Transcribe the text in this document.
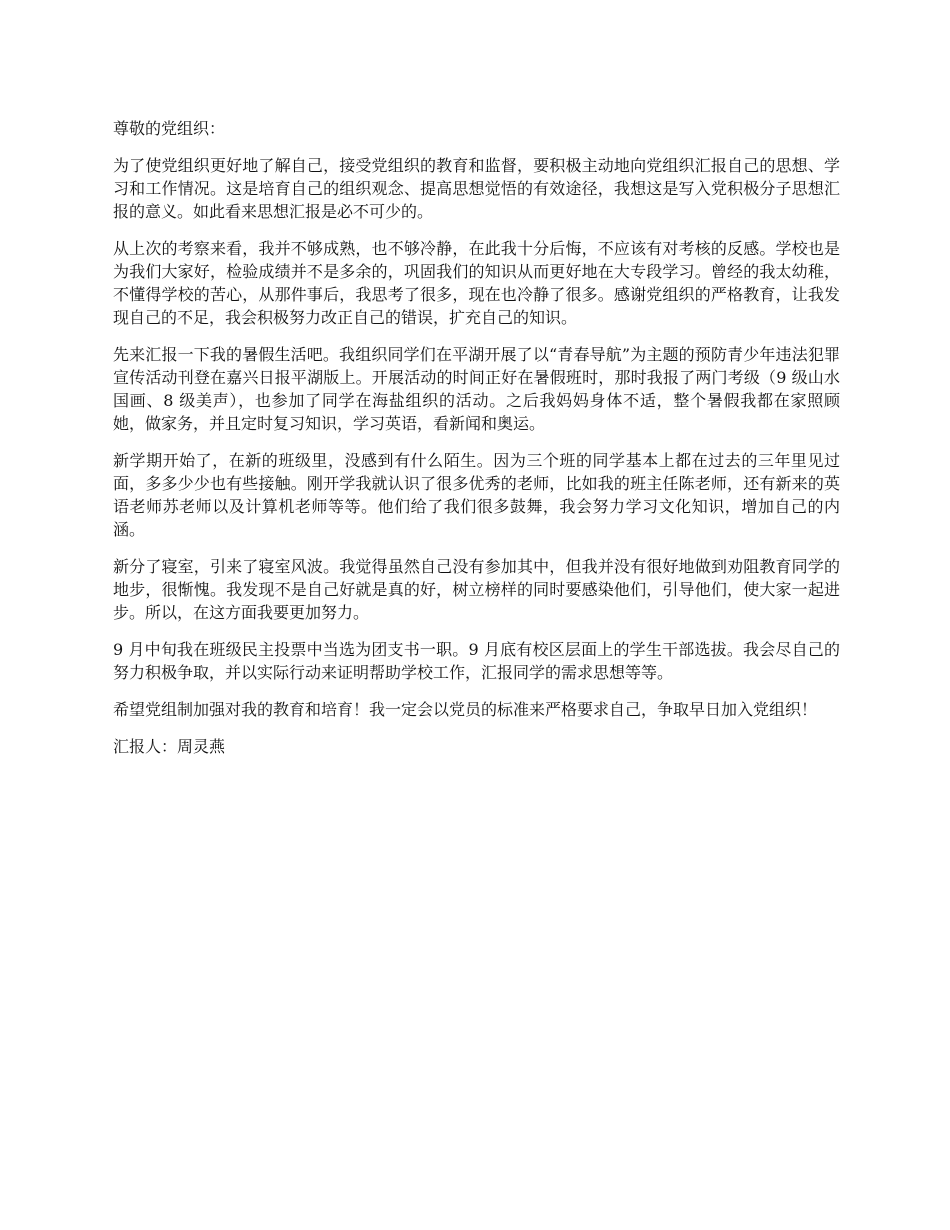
尊敬的党组织：

为了使党组织更好地了解自己，接受党组织的教育和监督，要积极主动地向党组织汇报自己的思想、学习和工作情况。这是培育自己的组织观念、提高思想觉悟的有效途径，我想这是写入党积极分子思想汇报的意义。如此看来思想汇报是必不可少的。

从上次的考察来看，我并不够成熟，也不够冷静，在此我十分后悔，不应该有对考核的反感。学校也是为我们大家好，检验成绩并不是多余的，巩固我们的知识从而更好地在大专段学习。曾经的我太幼稚，不懂得学校的苦心，从那件事后，我思考了很多，现在也冷静了很多。感谢党组织的严格教育，让我发现自己的不足，我会积极努力改正自己的错误，扩充自己的知识。

先来汇报一下我的暑假生活吧。我组织同学们在平湖开展了以“青春导航”为主题的预防青少年违法犯罪宣传活动刊登在嘉兴日报平湖版上。开展活动的时间正好在暑假班时，那时我报了两门考级（9 级山水国画、8 级美声），也参加了同学在海盐组织的活动。之后我妈妈身体不适，整个暑假我都在家照顾她，做家务，并且定时复习知识，学习英语，看新闻和奥运。

新学期开始了，在新的班级里，没感到有什么陌生。因为三个班的同学基本上都在过去的三年里见过面，多多少少也有些接触。刚开学我就认识了很多优秀的老师，比如我的班主任陈老师，还有新来的英语老师苏老师以及计算机老师等等。他们给了我们很多鼓舞，我会努力学习文化知识，增加自己的内涵。

新分了寝室，引来了寝室风波。我觉得虽然自己没有参加其中，但我并没有很好地做到劝阻教育同学的地步，很惭愧。我发现不是自己好就是真的好，树立榜样的同时要感染他们，引导他们，使大家一起进步。所以，在这方面我要更加努力。

9 月中旬我在班级民主投票中当选为团支书一职。9 月底有校区层面上的学生干部选拔。我会尽自己的努力积极争取，并以实际行动来证明帮助学校工作，汇报同学的需求思想等等。

希望党组制加强对我的教育和培育！我一定会以党员的标准来严格要求自己，争取早日加入党组织！

汇报人：周灵燕
